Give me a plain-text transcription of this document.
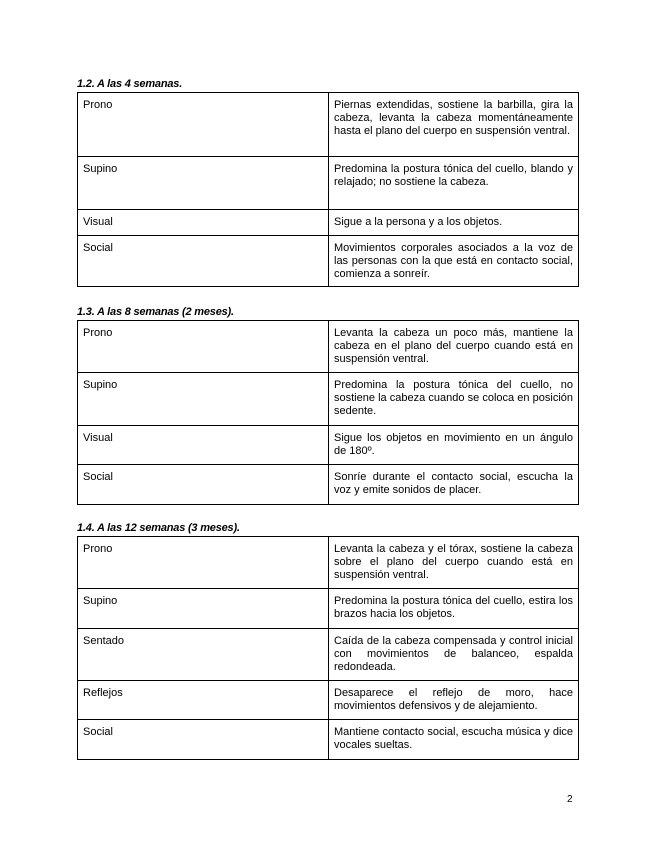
1.2. A las 4 semanas.
Prono	Piernas extendidas, sostiene la barbilla, gira la cabeza, levanta la cabeza momentáneamente hasta el plano del cuerpo en suspensión ventral.
Supino	Predomina la postura tónica del cuello, blando y relajado; no sostiene la cabeza.
Visual	Sigue a la persona y a los objetos.
Social	Movimientos corporales asociados a la voz de las personas con la que está en contacto social, comienza a sonreír.
1.3. A las 8 semanas (2 meses).
Prono	Levanta la cabeza un poco más, mantiene la cabeza en el plano del cuerpo cuando está en suspensión ventral.
Supino	Predomina la postura tónica del cuello, no sostiene la cabeza cuando se coloca en posición sedente.
Visual	Sigue los objetos en movimiento en un ángulo de 180º.
Social	Sonríe durante el contacto social, escucha la voz y emite sonidos de placer.
1.4. A las 12 semanas (3 meses).
Prono	Levanta la cabeza y el tórax, sostiene la cabeza sobre el plano del cuerpo cuando está en suspensión ventral.
Supino	Predomina la postura tónica del cuello, estira los brazos hacia los objetos.
Sentado	Caída de la cabeza compensada y control inicial con movimientos de balanceo, espalda redondeada.
Reflejos	Desaparece el reflejo de moro, hace movimientos defensivos y de alejamiento.
Social	Mantiene contacto social, escucha música y dice vocales sueltas.
2
